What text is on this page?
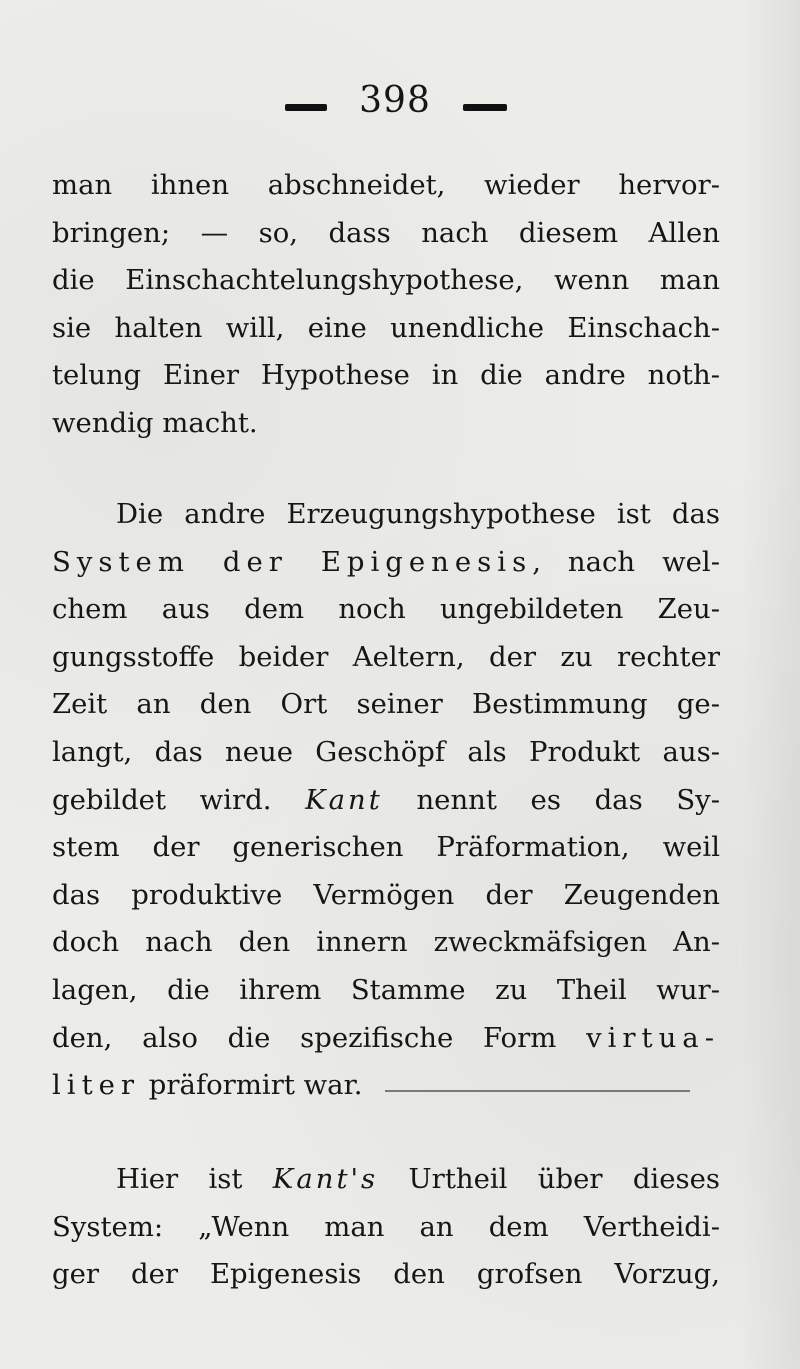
398
man ihnen abschneidet, wieder hervor-
bringen; — so, dass nach diesem Allen
die Einschachtelungshypothese, wenn man
sie halten will, eine unendliche Einschach-
telung Einer Hypothese in die andre noth-
wendig macht.
Die andre Erzeugungshypothese ist das
System der Epigenesis, nach wel-
chem aus dem noch ungebildeten Zeu-
gungsstoffe beider Aeltern, der zu rechter
Zeit an den Ort seiner Bestimmung ge-
langt, das neue Geschöpf als Produkt aus-
gebildet wird. Kant nennt es das Sy-
stem der generischen Präformation, weil
das produktive Vermögen der Zeugenden
doch nach den innern zweckmäfsigen An-
lagen, die ihrem Stamme zu Theil wur-
den, also die spezifische Form virtua-
liter präformirt war.
Hier ist Kant's Urtheil über dieses
System: „Wenn man an dem Vertheidi-
ger der Epigenesis den grofsen Vorzug,
